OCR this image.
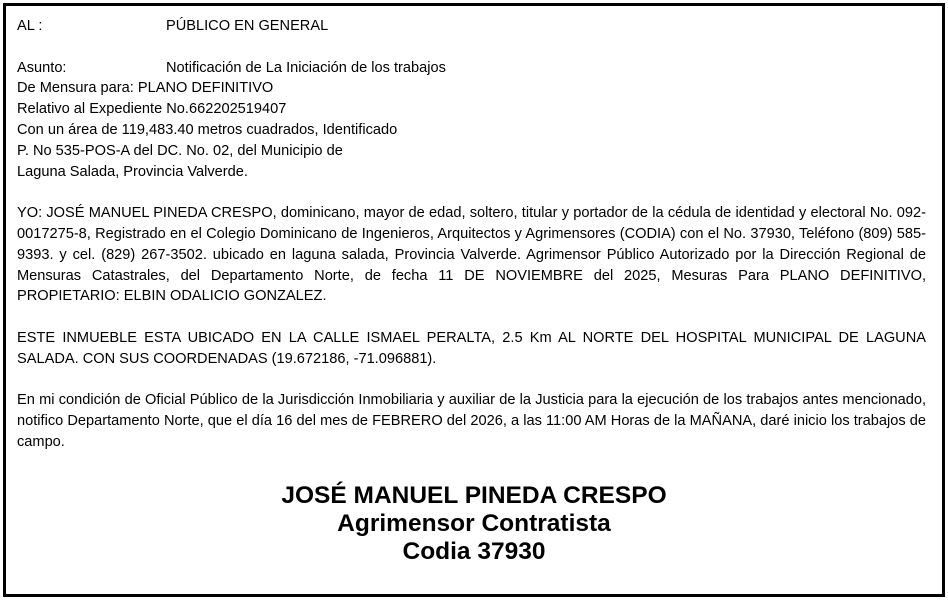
AL :	PÚBLICO EN GENERAL
Asunto:	Notificación de La Iniciación de los trabajos
De Mensura para: PLANO DEFINITIVO
Relativo al Expediente No.662202519407
Con un área de 119,483.40 metros cuadrados, Identificado
P. No 535-POS-A del DC. No. 02, del Municipio de
Laguna Salada, Provincia Valverde.
YO: JOSÉ MANUEL PINEDA CRESPO, dominicano, mayor de edad, soltero, titular y portador de la cédula de identidad y electoral No. 092-0017275-8, Registrado en el Colegio Dominicano de Ingenieros, Arquitectos y Agrimensores (CODIA) con el No. 37930, Teléfono (809) 585-9393. y cel. (829) 267-3502. ubicado en laguna salada, Provincia Valverde. Agrimensor Público Autorizado por la Dirección Regional de Mensuras Catastrales, del Departamento Norte, de fecha 11 DE NOVIEMBRE del 2025, Mesuras Para PLANO DEFINITIVO, PROPIETARIO: ELBIN ODALICIO GONZALEZ.
ESTE INMUEBLE ESTA UBICADO EN LA CALLE ISMAEL PERALTA, 2.5 Km AL NORTE DEL HOSPITAL MUNICIPAL DE LAGUNA SALADA. CON SUS COORDENADAS (19.672186, -71.096881).
En mi condición de Oficial Público de la Jurisdicción Inmobiliaria y auxiliar de la Justicia para la ejecución de los trabajos antes mencionado, notifico Departamento Norte, que el día 16 del mes de FEBRERO del 2026, a las 11:00 AM Horas de la MAÑANA, daré inicio los trabajos de campo.
JOSÉ MANUEL PINEDA CRESPO
Agrimensor Contratista
Codia 37930
